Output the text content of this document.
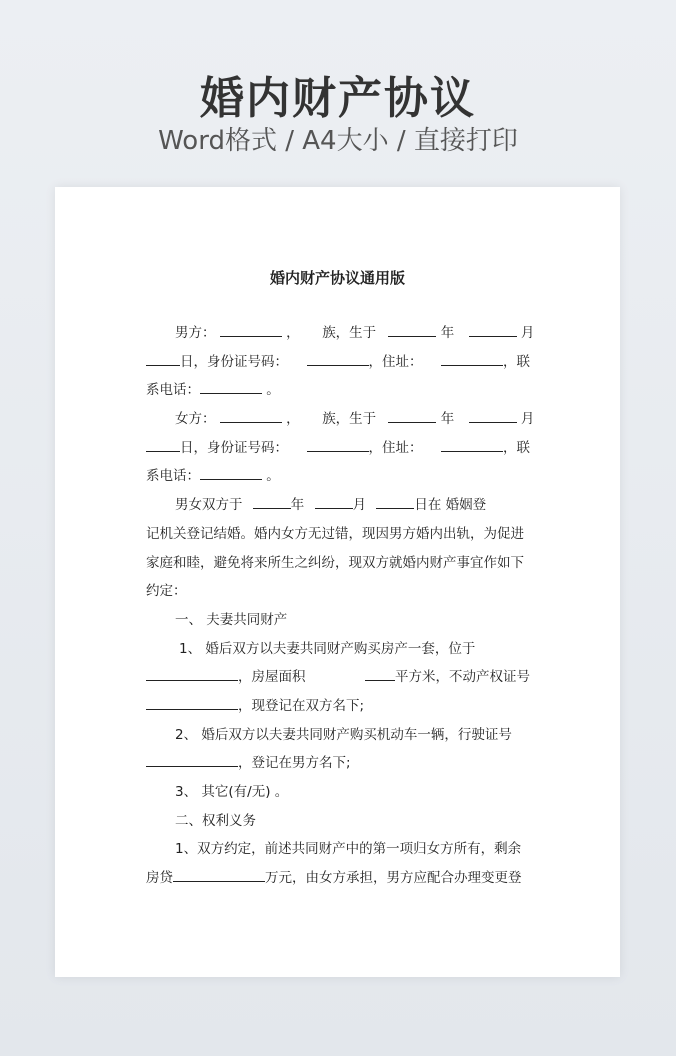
婚内财产协议
Word格式 / A4大小 / 直接打印
婚内财产协议通用版
男方：	， 族，生于	年	月
日，身份证号码：	，住址：	，联
系电话：	。
女方：	， 族，生于	年	月
日，身份证号码：	，住址：	，联
系电话：	。
男女双方于	年	月	日在 婚姻登
记机关登记结婚。婚内女方无过错，现因男方婚内出轨，为促进
家庭和睦，避免将来所生之纠纷，现双方就婚内财产事宜作如下
约定：
一、 夫妻共同财产
1、 婚后双方以夫妻共同财产购买房产一套，位于
，房屋面积	平方米，不动产权证号
，现登记在双方名下;
2、 婚后双方以夫妻共同财产购买机动车一辆，行驶证号
，登记在男方名下;
3、 其它(有/无) 。
二、权利义务
1、双方约定，前述共同财产中的第一项归女方所有，剩余
房贷	万元，由女方承担，男方应配合办理变更登
